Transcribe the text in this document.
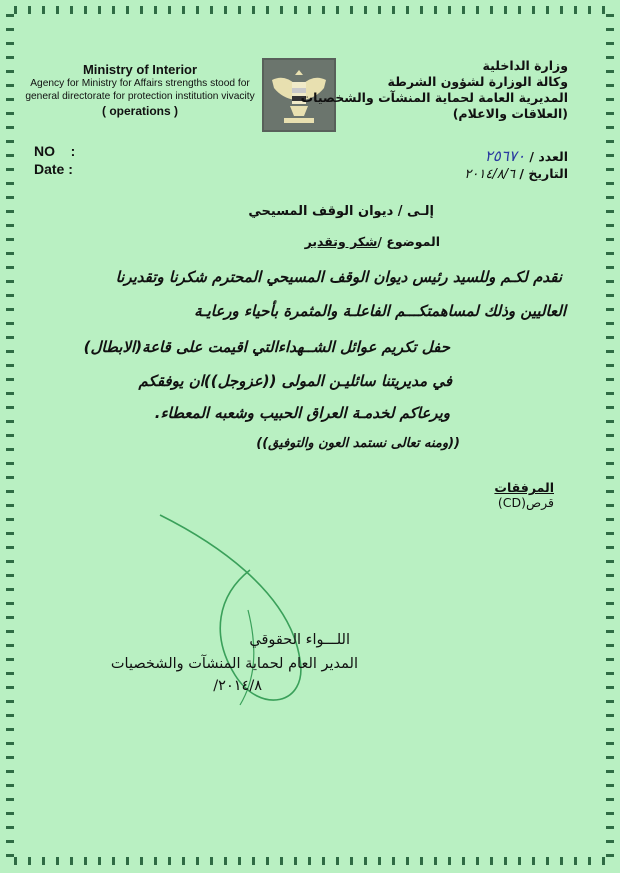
Ministry of Interior
Agency for Ministry for Affairs strengths stood for
general directorate for protection institution vivacity
( operations )
وزارة الداخلية
وكالة الوزارة لشؤون الشرطة
المديرية العامة لحماية المنشآت والشخصيات
(العلاقات والاعلام)
NO :
Date :
العدد / ٢٥٦٧٠
التاريخ / ٢٠١٤/٨/٦
إلـى / ديوان الوقف المسيحي
الموضوع /شكر وتقدير
نقدم لكـم وللسيد رئيس ديوان الوقف المسيحي المحترم شكرنا وتقديرنا
العاليين وذلك لمساهمتكـــم الفاعلـة والمثمرة بأحياء ورعايـة
حفل تكريم عوائل الشــهداءالتي اقيمت على قاعة(الابطال)
في مديريتنا سائليـن المولى ((عزوجل))ان يوفقكم
ويرعاكم لخدمـة العراق الحبيب وشعبه المعطاء.
((ومنه تعالى نستمد العون والتوفيق))
المرفقات
قرص(CD)
اللـــواء الحقوقي
المدير العام لحماية المنشآت والشخصيات
٢٠١٤/٨/
